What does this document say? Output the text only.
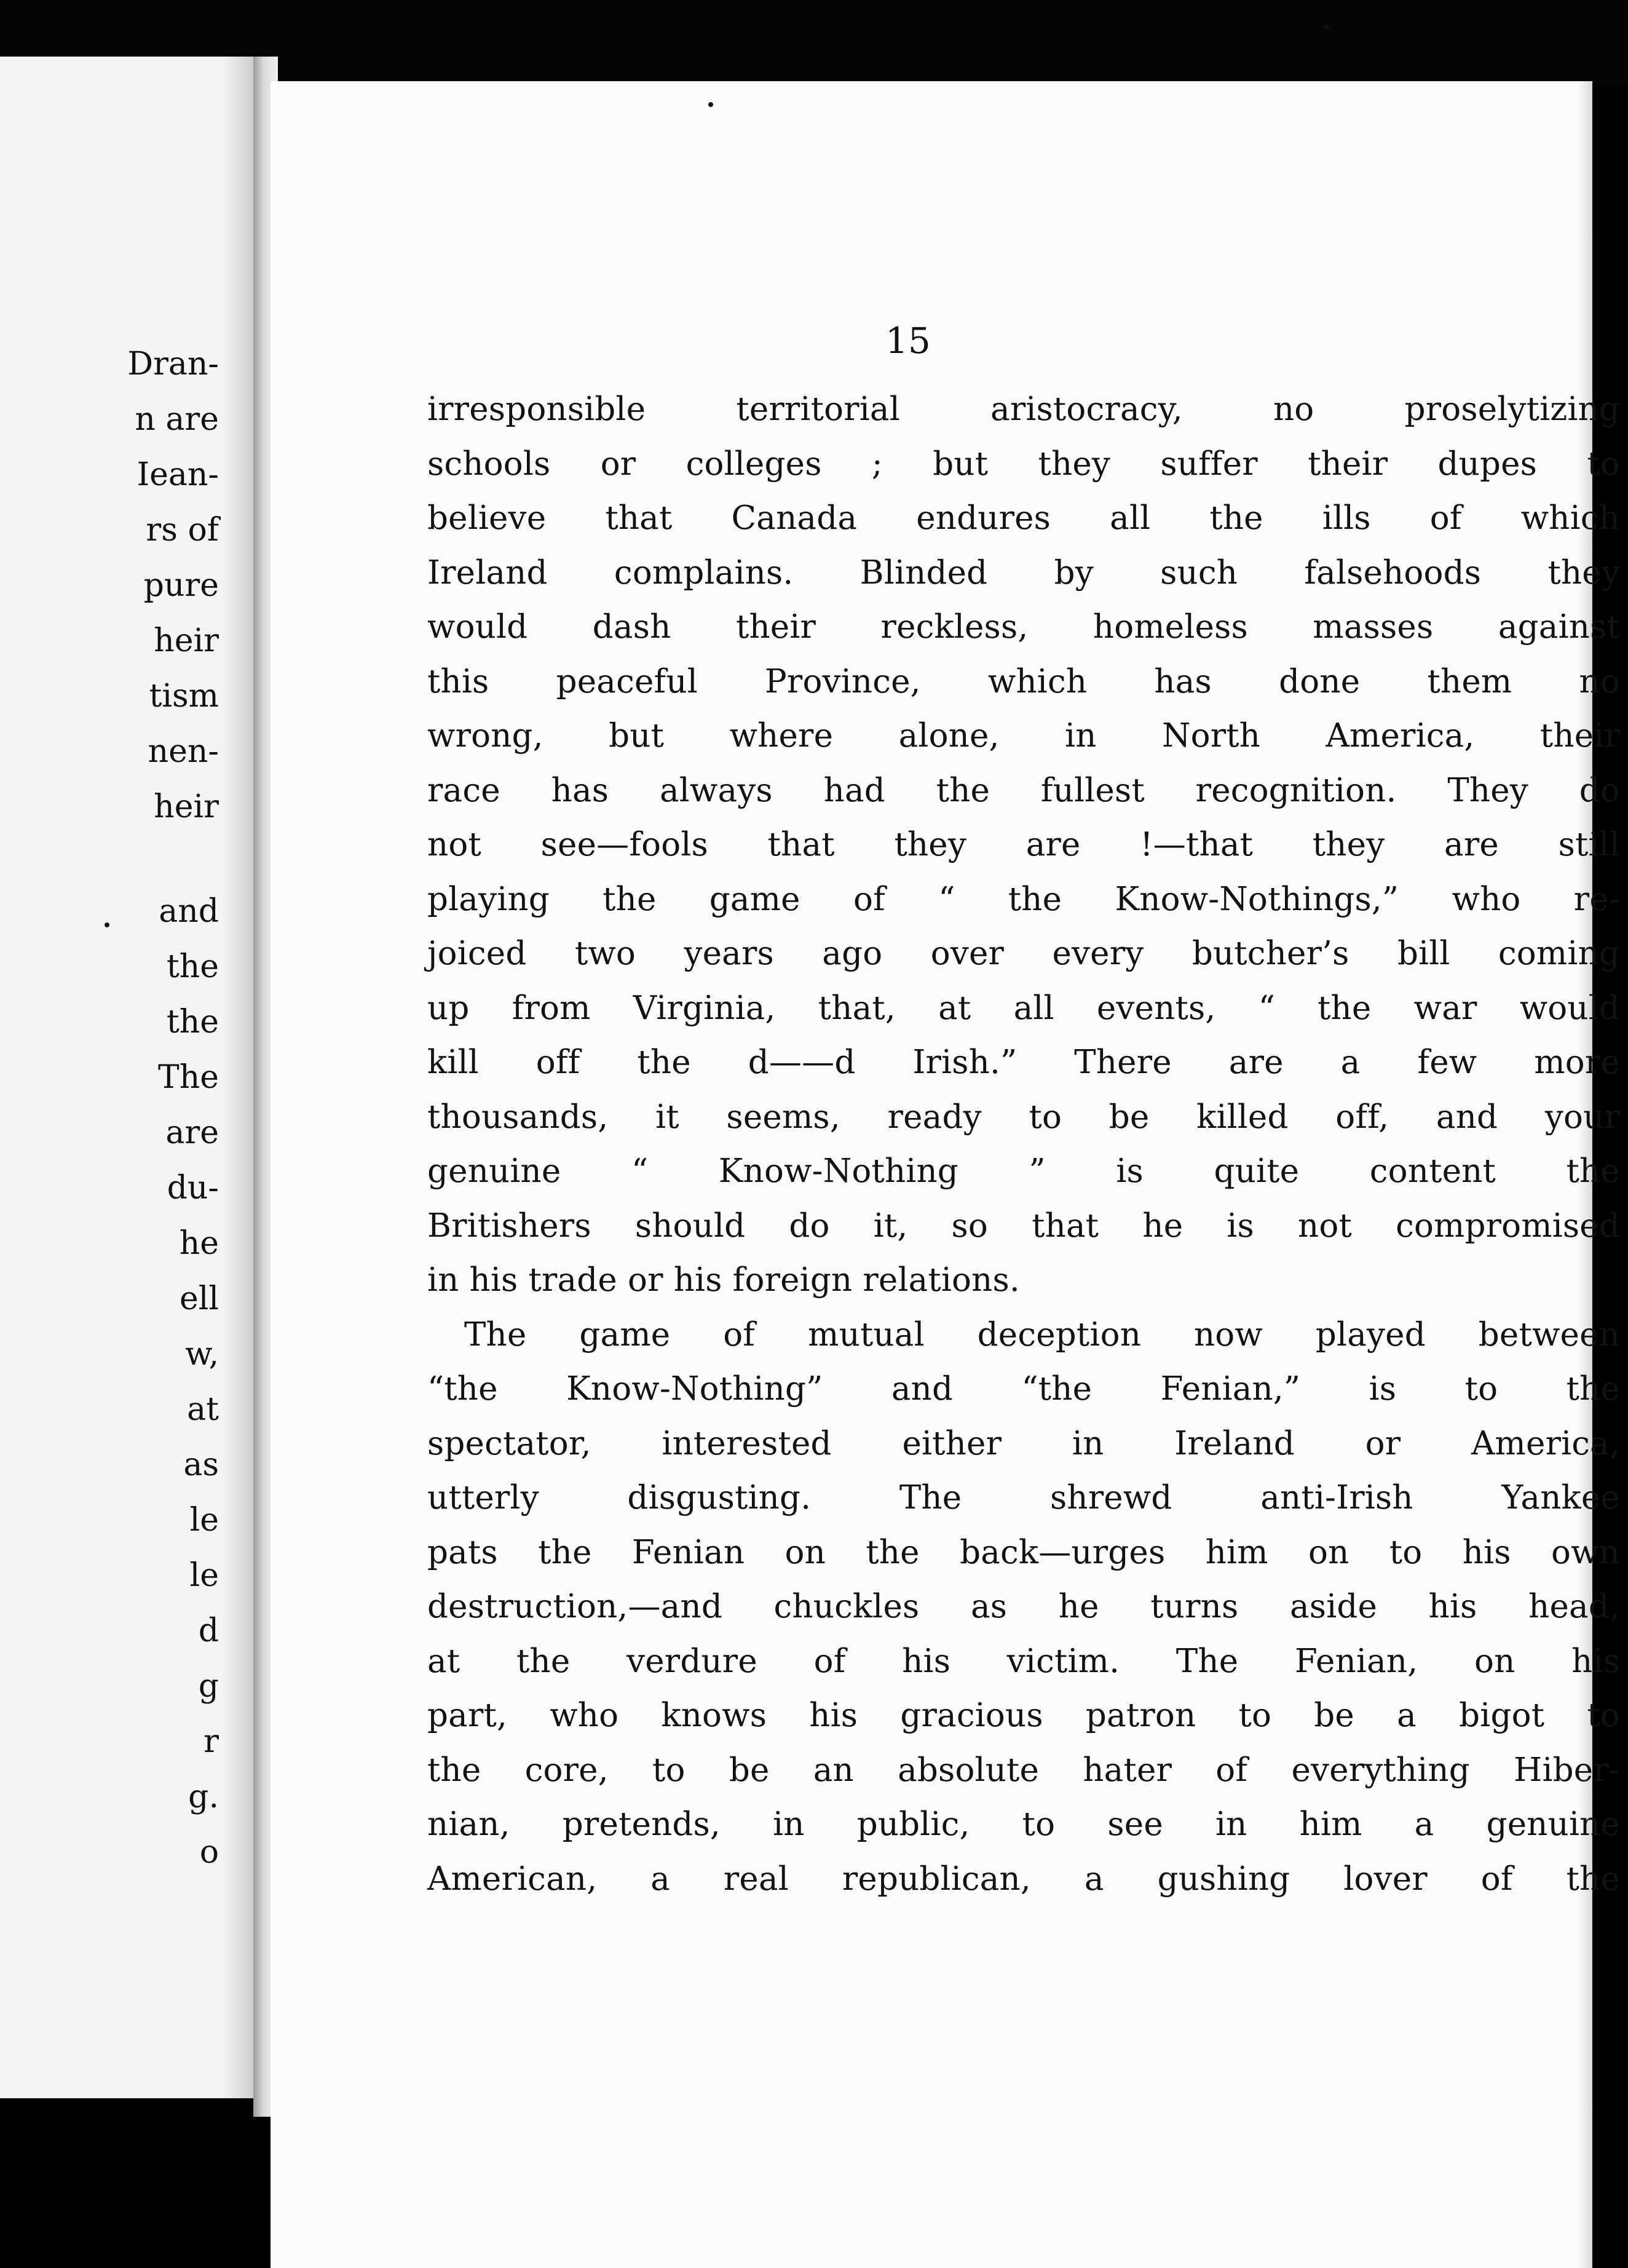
Dran-
n are
Iean-
rs of
pure
heir
tism
nen-
heir
and
the
the
The
are
du-
he
ell
w,
at
as
le
le
d
g
r
g.
o
15
irresponsible territorial aristocracy, no proselytizing
schools or colleges ; but they suffer their dupes to
believe that Canada endures all the ills of which
Ireland complains. Blinded by such falsehoods they
would dash their reckless, homeless masses against
this peaceful Province, which has done them no
wrong, but where alone, in North America, their
race has always had the fullest recognition. They do
not see—fools that they are !—that they are still
playing the game of “ the Know-Nothings,” who re-
joiced two years ago over every butcher’s bill coming
up from Virginia, that, at all events, “ the war would
kill off the d——d Irish.” There are a few more
thousands, it seems, ready to be killed off, and your
genuine “ Know-Nothing ” is quite content the
Britishers should do it, so that he is not compromised
in his trade or his foreign relations.
The game of mutual deception now played between
“the Know-Nothing” and “the Fenian,” is to the
spectator, interested either in Ireland or America,
utterly disgusting. The shrewd anti-Irish Yankee
pats the Fenian on the back—urges him on to his own
destruction,—and chuckles as he turns aside his head,
at the verdure of his victim. The Fenian, on his
part, who knows his gracious patron to be a bigot to
the core, to be an absolute hater of everything Hiber-
nian, pretends, in public, to see in him a genuine
American, a real republican, a gushing lover of the
